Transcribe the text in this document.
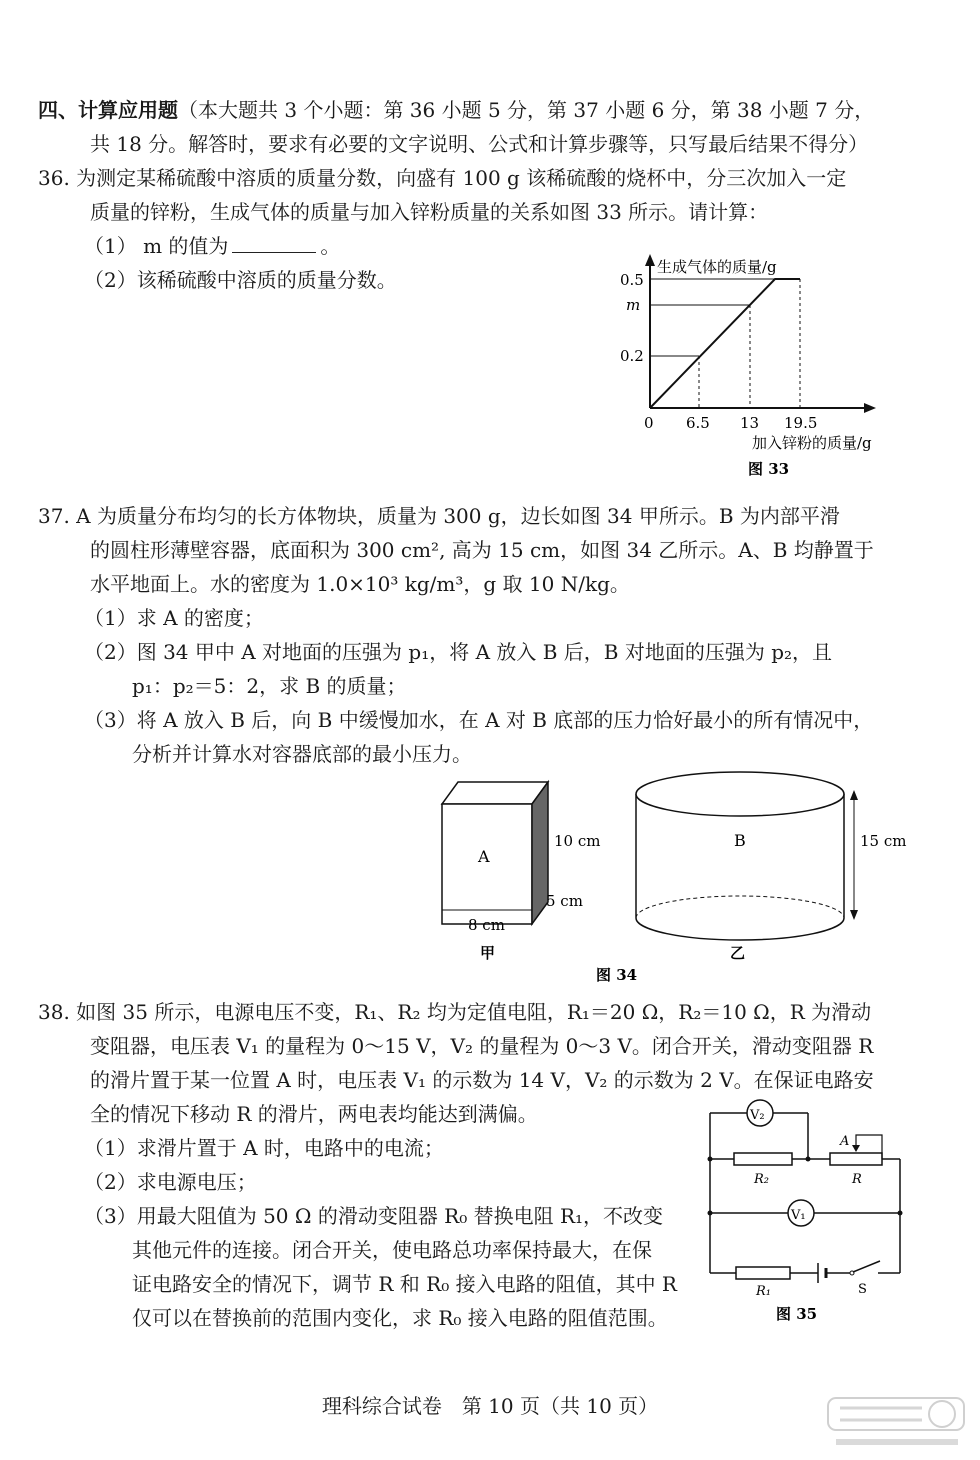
四、计算应用题（本大题共 3 个小题：第 36 小题 5 分，第 37 小题 6 分，第 38 小题 7 分，
共 18 分。解答时，要求有必要的文字说明、公式和计算步骤等，只写最后结果不得分）
36. 为测定某稀硫酸中溶质的质量分数，向盛有 100 g 该稀硫酸的烧杯中，分三次加入一定
质量的锌粉，生成气体的质量与加入锌粉质量的关系如图 33 所示。请计算：
（1） m 的值为	。
（2）该稀硫酸中溶质的质量分数。
生成气体的质量/g
0.5
m
0.2
0 6.5 13 19.5
加入锌粉的质量/g
图 33
37. A 为质量分布均匀的长方体物块，质量为 300 g，边长如图 34 甲所示。B 为内部平滑
的圆柱形薄壁容器，底面积为 300 cm², 高为 15 cm，如图 34 乙所示。A、B 均静置于
水平地面上。水的密度为 1.0×10³ kg/m³，g 取 10 N/kg。
（1）求 A 的密度；
（2）图 34 甲中 A 对地面的压强为 p₁，将 A 放入 B 后，B 对地面的压强为 p₂，且
p₁：p₂＝5：2，求 B 的质量；
（3）将 A 放入 B 后，向 B 中缓慢加水，在 A 对 B 底部的压力恰好最小的所有情况中，
分析并计算水对容器底部的最小压力。
A
10 cm
5 cm
8 cm
甲
B	15 cm
乙
图 34
38. 如图 35 所示，电源电压不变，R₁、R₂ 均为定值电阻，R₁＝20 Ω，R₂＝10 Ω，R 为滑动
变阻器，电压表 V₁ 的量程为 0～15 V，V₂ 的量程为 0～3 V。闭合开关，滑动变阻器 R
的滑片置于某一位置 A 时，电压表 V₁ 的示数为 14 V，V₂ 的示数为 2 V。在保证电路安
全的情况下移动 R 的滑片，两电表均能达到满偏。
（1）求滑片置于 A 时，电路中的电流；
（2）求电源电压；
（3）用最大阻值为 50 Ω 的滑动变阻器 R₀ 替换电阻 R₁，不改变
其他元件的连接。闭合开关，使电路总功率保持最大，在保
证电路安全的情况下，调节 R 和 R₀ 接入电路的阻值，其中 R
仅可以在替换前的范围内变化，求 R₀ 接入电路的阻值范围。
V₂
A
R₂	R
V₁
R₁	S
图 35
理科综合试卷　第 10 页（共 10 页）
